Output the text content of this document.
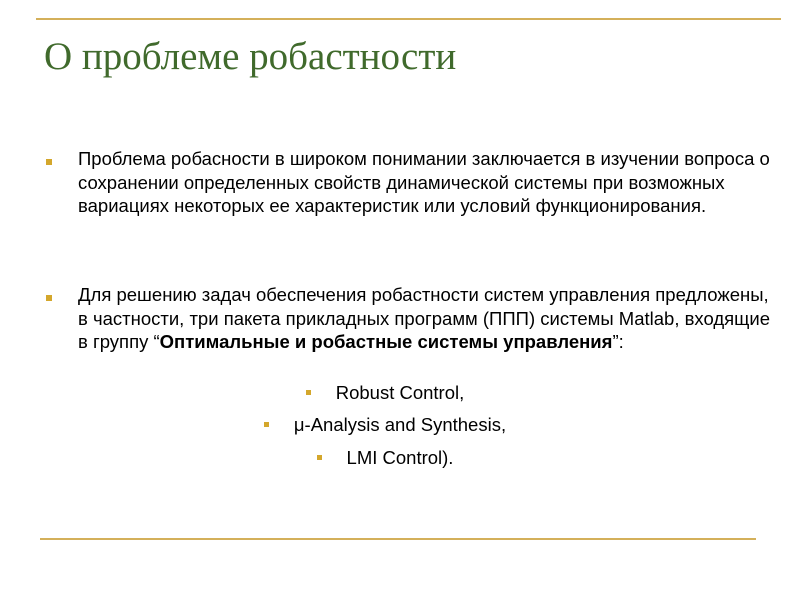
О проблеме робастности

Проблема робасности в широком понимании заключается в изучении вопроса о сохранении определенных свойств динамической системы при возможных вариациях некоторых ее характеристик или условий функционирования.

Для решению задач обеспечения робастности систем управления предложены, в частности, три пакета прикладных программ (ППП) системы Matlab, входящие в группу “Оптимальные и робастные системы управления”:

Robust Control,
μ-Analysis and Synthesis,
LMI Control).
